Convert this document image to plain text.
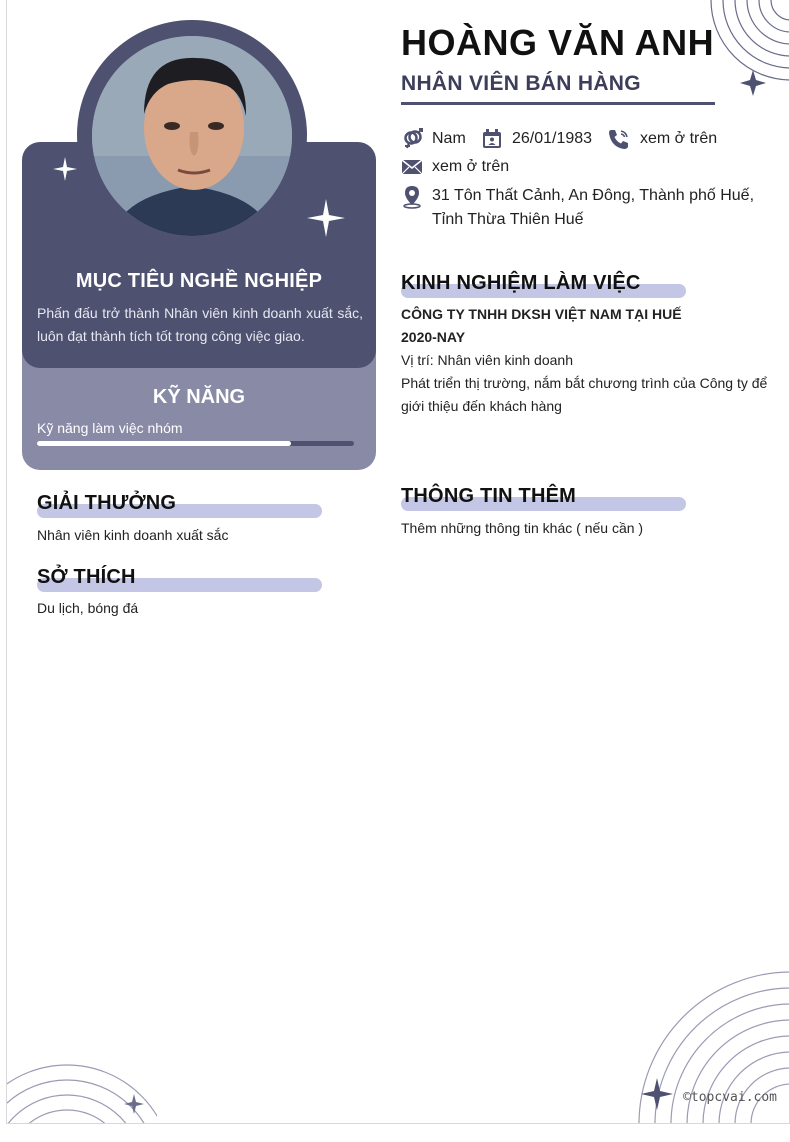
MỤC TIÊU NGHỀ NGHIỆP
Phấn đấu trở thành Nhân viên kinh doanh xuất sắc, luôn đạt thành tích tốt trong công việc giao.
KỸ NĂNG
Kỹ năng làm việc nhóm
GIẢI THƯỞNG
Nhân viên kinh doanh xuất sắc
SỞ THÍCH
Du lịch, bóng đá
HOÀNG VĂN ANH
NHÂN VIÊN BÁN HÀNG
Nam	26/01/1983	xem ở trên
xem ở trên
31 Tôn Thất Cảnh, An Đông, Thành phố Huế,
Tỉnh Thừa Thiên Huế
KINH NGHIỆM LÀM VIỆC
CÔNG TY TNHH DKSH VIỆT NAM TẠI HUẾ
2020-NAY
Vị trí: Nhân viên kinh doanh
Phát triển thị trường, nắm bắt chương trình của Công ty để giới thiệu đến khách hàng
THÔNG TIN THÊM
Thêm những thông tin khác ( nếu cần )
©topcvai.com
